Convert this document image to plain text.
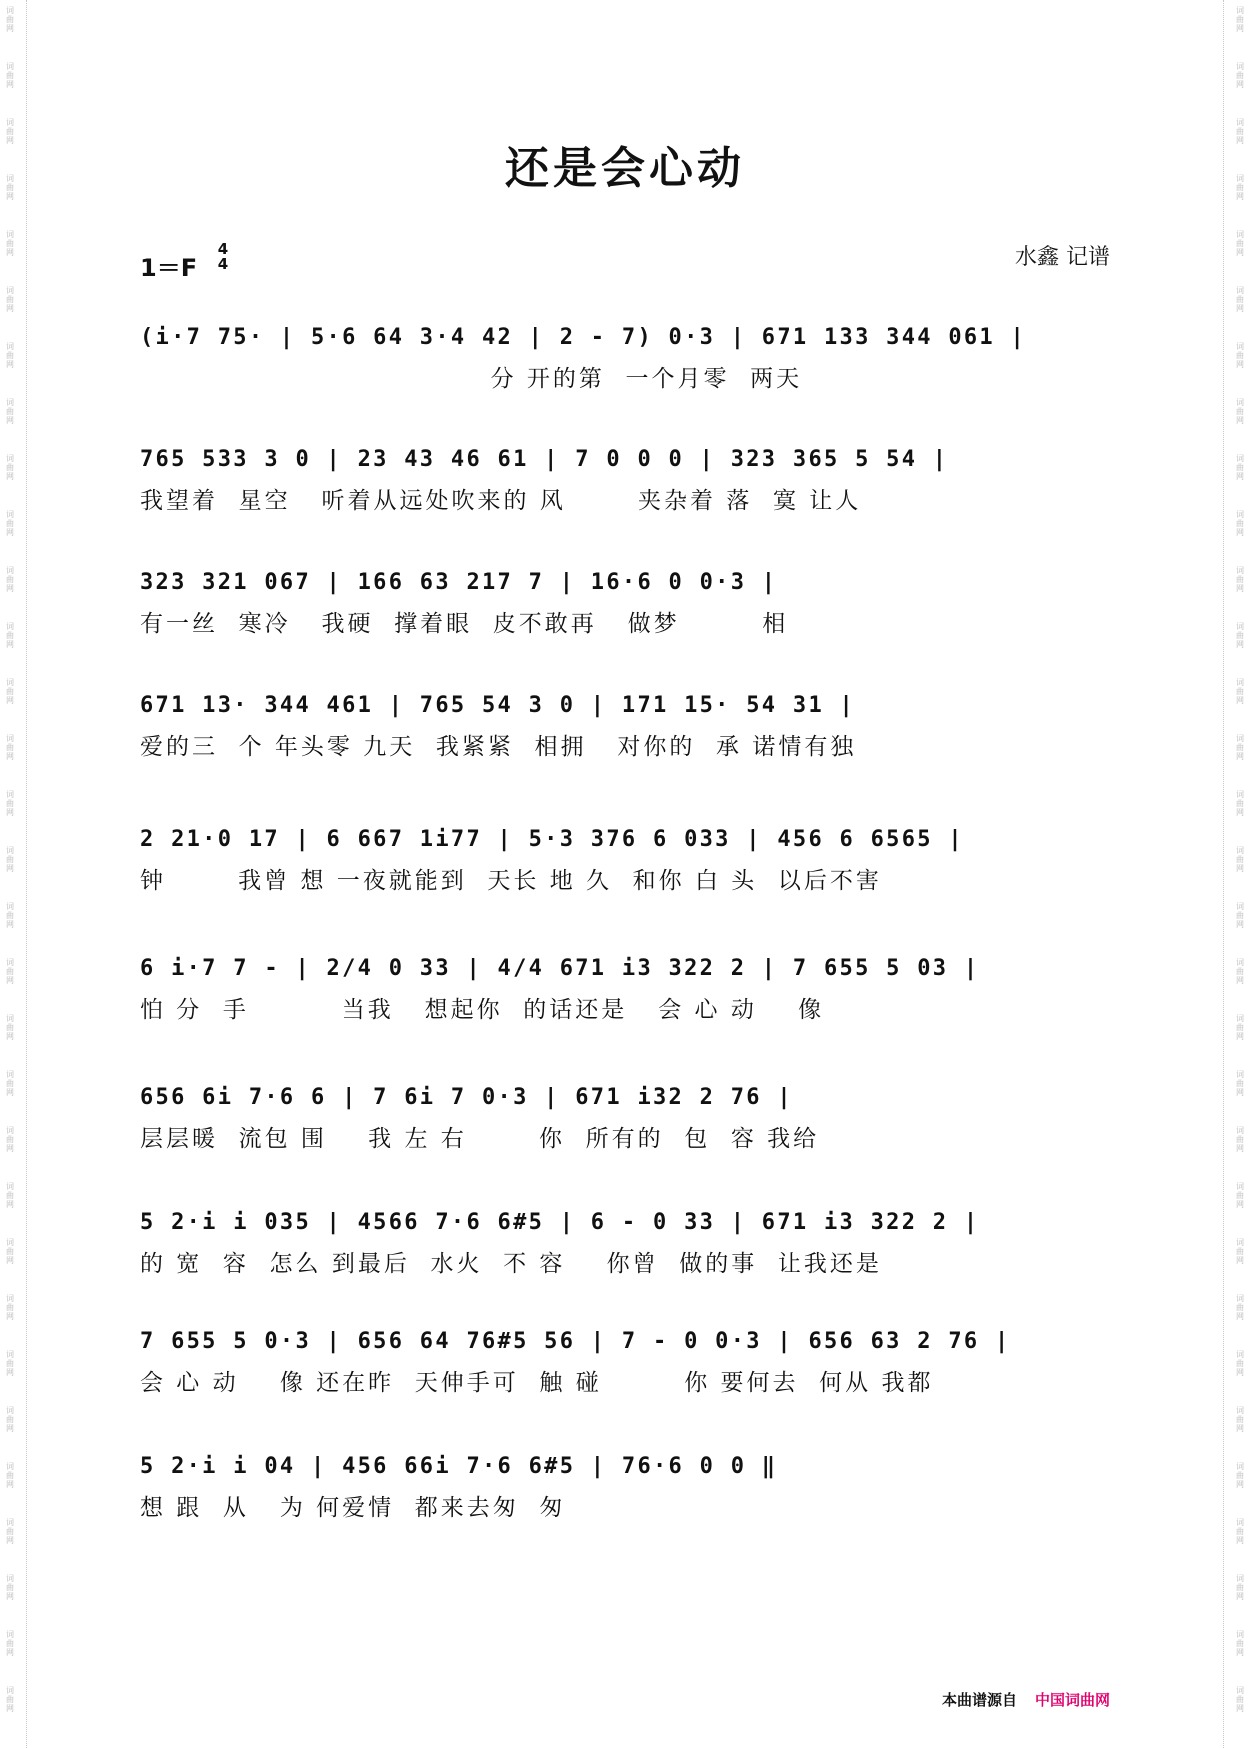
还是会心动
1＝F
4
4	水鑫 记谱
(i·7 75· | 5·6 64 3·4 42 | 2 - 7) 0·3 | 671 133 344 061 |
分 开的第  一个月零  两天
765 533 3 0 | 23 43 46 61 | 7 0 0 0 | 323 365 5 54 |
我望着  星空   听着从远处吹来的 风       夹杂着 落  寞 让人
323 321 067 | 166 63 217 7 | 16·6 0 0·3 |
有一丝  寒冷   我硬  撑着眼  皮不敢再   做梦        相
671 13· 344 461 | 765 54 3 0 | 171 15· 54 31 |
爱的三  个 年头零 九天  我紧紧  相拥   对你的  承 诺情有独
2 21·0 17 | 6 667 1i77 | 5·3 376 6 033 | 456 6 6565 |
钟       我曾 想 一夜就能到  天长 地 久  和你 白 头  以后不害
6 i·7 7 - | 2/4 0 33 | 4/4 671 i3 322 2 | 7 655 5 03 |
怕 分  手         当我   想起你  的话还是   会 心 动    像
656 6i 7·6 6 | 7 6i 7 0·3 | 671 i32 2 76 |
层层暖  流包 围    我 左 右       你  所有的  包  容 我给
5 2·i i 035 | 4566 7·6 6#5 | 6 - 0 33 | 671 i3 322 2 |
的 宽  容  怎么 到最后  水火  不 容    你曾  做的事  让我还是
7 655 5 0·3 | 656 64 76#5 56 | 7 - 0 0·3 | 656 63 2 76 |
会 心 动    像 还在昨  天伸手可  触 碰        你 要何去  何从 我都
5 2·i i 04 | 456 66i 7·6 6#5 | 76·6 0 0 ‖
想 跟  从   为 何爱情  都来去匆  匆
本曲谱源自 中国词曲网
词
曲
网
词
曲
网
词
曲
网
词
曲
网
词
曲
网
词
曲
网
词
曲
网
词
曲
网
词
曲
网
词
曲
网
词
曲
网
词
曲
网
词
曲
网
词
曲
网
词
曲
网
词
曲
网
词
曲
网
词
曲
网
词
曲
网
词
曲
网
词
曲
网
词
曲
网
词
曲
网
词
曲
网
词
曲
网
词
曲
网
词
曲
网
词
曲
网
词
曲
网
词
曲
网
词
曲
网
词
曲
网
词
曲
网
词
曲
网
词
曲
网
词
曲
网
词
曲
网
词
曲
网
词
曲
网
词
曲
网
词
曲
网
词
曲
网
词
曲
网
词
曲
网
词
曲
网
词
曲
网
词
曲
网
词
曲
网
词
曲
网
词
曲
网
词
曲
网
词
曲
网
词
曲
网
词
曲
网
词
曲
网
词
曲
网
词
曲
网
词
曲
网
词
曲
网
词
曲
网
词
曲
网
词
曲
网
